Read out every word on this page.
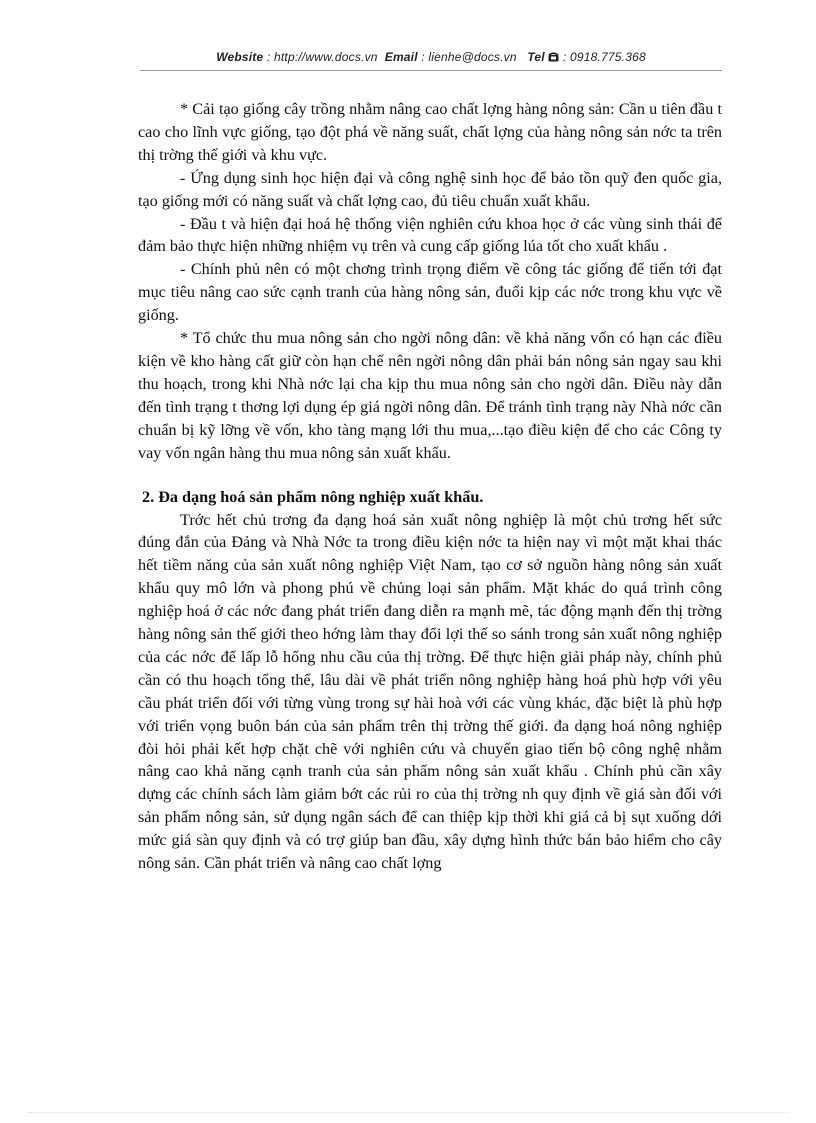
Website : http://www.docs.vn Email : lienhe@docs.vn Tel : 0918.775.368

* Cải tạo giống cây trồng nhằm nâng cao chất lợng hàng nông sản: Cần u tiên đầu t cao cho lĩnh vực giống, tạo đột phá về năng suất, chất lợng của hàng nông sản nớc ta trên thị trờng thế giới và khu vực.

- Ứng dụng sinh học hiện đại và công nghệ sinh học để bảo tồn quỹ đen quốc gia, tạo giống mới có năng suất và chất lợng cao, đủ tiêu chuẩn xuất khẩu.

- Đầu t và hiện đại hoá hệ thống viện nghiên cứu khoa học ở các vùng sinh thái để đảm bảo thực hiện những nhiệm vụ trên và cung cấp giống lúa tốt cho xuất khẩu .

- Chính phủ nên có một chơng trình trọng điểm về công tác giống để tiến tới đạt mục tiêu nâng cao sức cạnh tranh của hàng nông sản, đuổi kịp các nớc trong khu vực về giống.

* Tổ chức thu mua nông sản cho ngời nông dân: về khả năng vốn có hạn các điều kiện về kho hàng cất giữ còn hạn chế nên ngời nông dân phải bán nông sản ngay sau khi thu hoạch, trong khi Nhà nớc lại cha kịp thu mua nông sản cho ngời dân. Điều này dẫn đến tình trạng t thơng lợi dụng ép giá ngời nông dân. Để tránh tình trạng này Nhà nớc cần chuẩn bị kỹ lỡng về vốn, kho tàng mạng lới thu mua,...tạo điều kiện để cho các Công ty vay vốn ngân hàng thu mua nông sản xuất khẩu.

2. Đa dạng hoá sản phẩm nông nghiệp xuất khẩu.

Trớc hết chủ trơng đa dạng hoá sản xuất nông nghiệp là một chủ trơng hết sức đúng đắn của Đảng và Nhà Nớc ta trong điều kiện nớc ta hiện nay vì một mặt khai thác hết tiềm năng của sản xuất nông nghiệp Việt Nam, tạo cơ sở nguồn hàng nông sản xuất khẩu quy mô lớn và phong phú về chủng loại sản phẩm. Mặt khác do quá trình công nghiệp hoá ở các nớc đang phát triển đang diễn ra mạnh mẽ, tác động mạnh đến thị trờng hàng nông sản thế giới theo hớng làm thay đổi lợi thế so sánh trong sản xuất nông nghiệp của các nớc để lấp lỗ hổng nhu cầu của thị trờng. Để thực hiện giải pháp này, chính phủ cần có thu hoạch tổng thể, lâu dài về phát triển nông nghiệp hàng hoá phù hợp với yêu cầu phát triển đối với từng vùng trong sự hài hoà với các vùng khác, đặc biệt là phù hợp với triển vọng buôn bán của sản phẩm trên thị trờng thế giới. đa dạng hoá nông nghiệp đòi hỏi phải kết hợp chặt chẽ với nghiên cứu và chuyển giao tiến bộ công nghệ nhằm nâng cao khả năng cạnh tranh của sản phẩm nông sản xuất khẩu . Chính phủ cần xây dựng các chính sách làm giảm bớt các rủi ro của thị trờng nh quy định về giá sàn đối với sản phẩm nông sản, sử dụng ngân sách để can thiệp kịp thời khi giá cả bị sụt xuống dới mức giá sàn quy định và có trợ giúp ban đầu, xây dựng hình thức bán bảo hiểm cho cây nông sản. Cần phát triển và nâng cao chất lợng
